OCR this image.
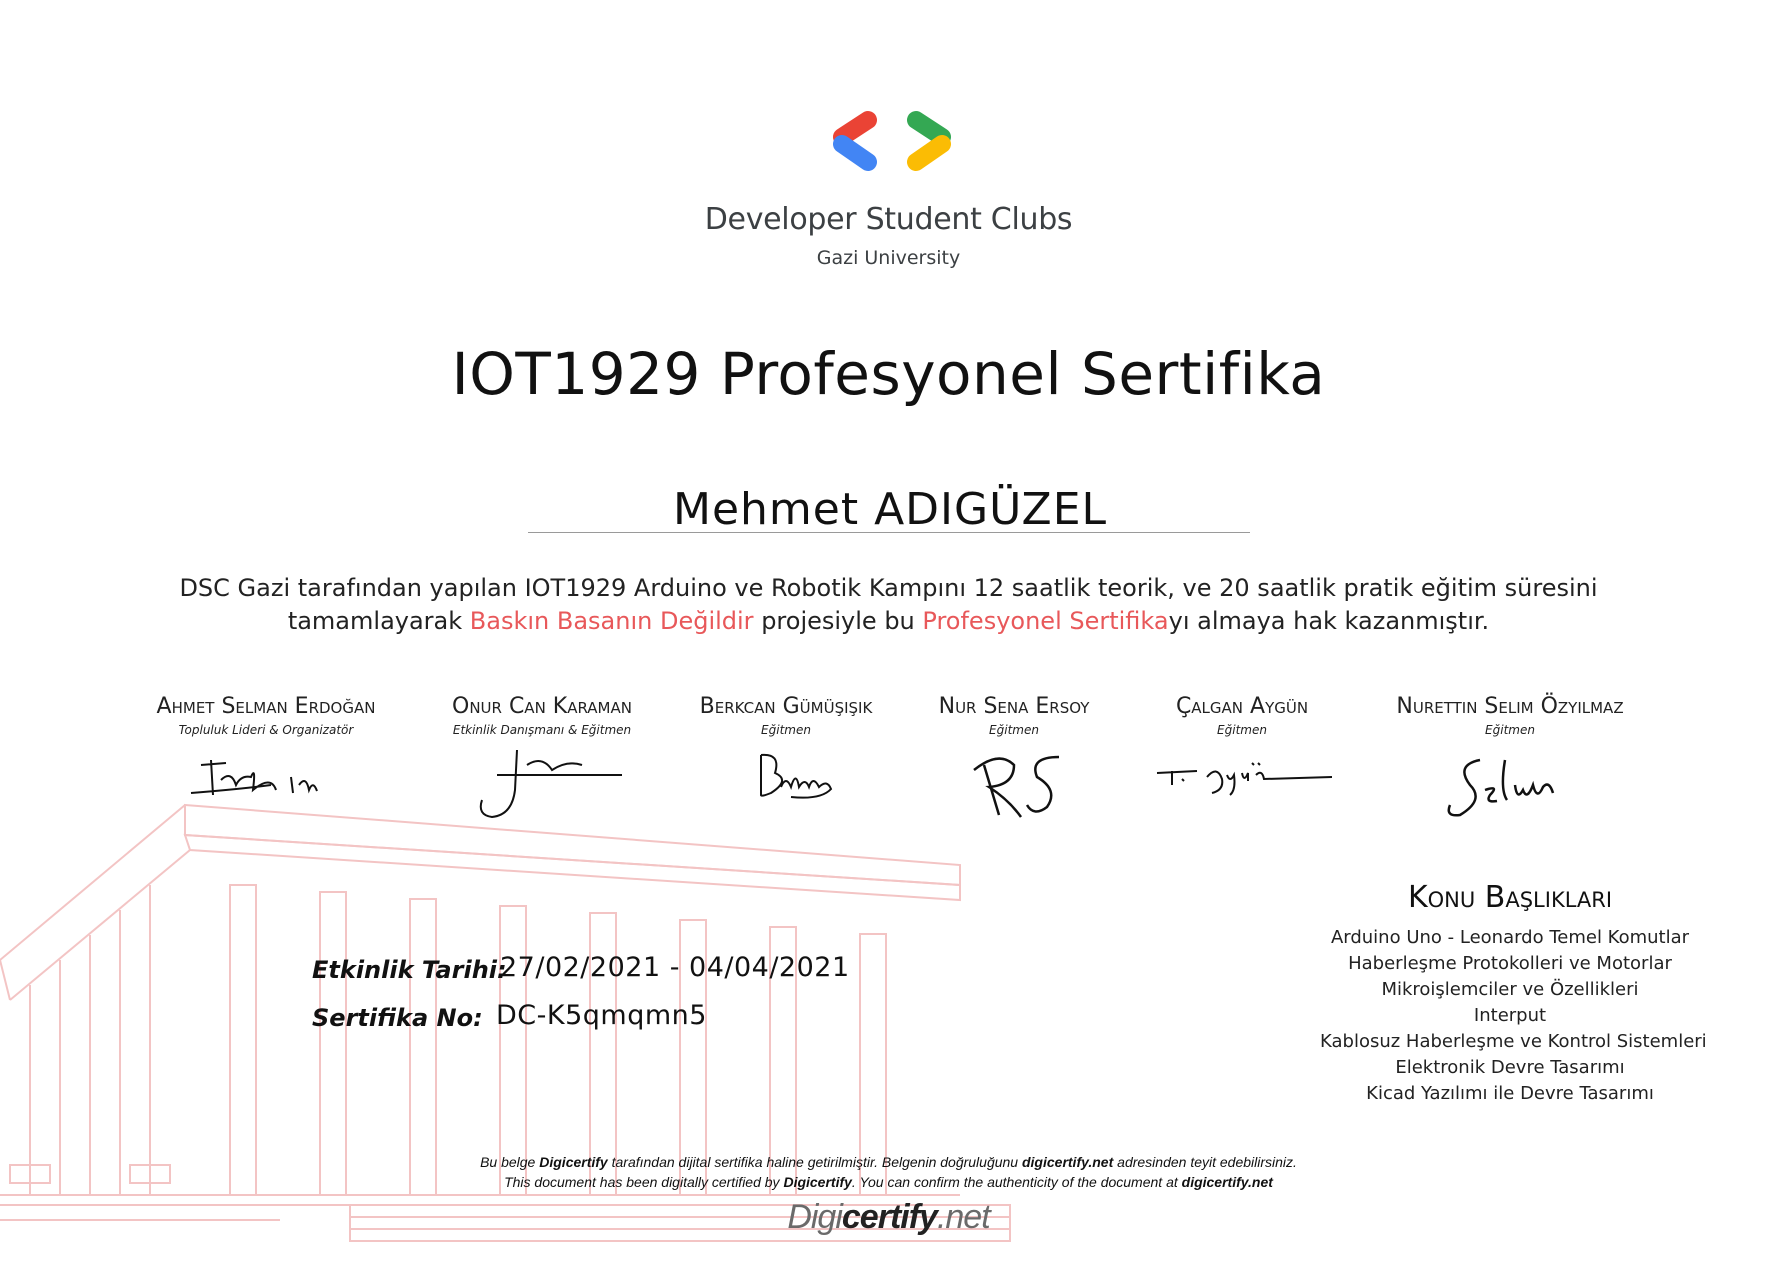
Developer Student Clubs
Gazi University
IOT1929 Profesyonel Sertifika
Mehmet ADIGÜZEL
DSC Gazi tarafından yapılan IOT1929 Arduino ve Robotik Kampını 12 saatlik teorik, ve 20 saatlik pratik eğitim süresini tamamlayarak Baskın Basanın Değildir projesiyle bu Profesyonel Sertifikayı almaya hak kazanmıştır.
Ahmet Selman Erdoğan
Topluluk Lideri & Organizatör
Onur Can Karaman
Etkinlik Danışmanı & Eğitmen
Berkcan Gümüşışık
Eğitmen
Nur Sena Ersoy
Eğitmen
Çalgan Aygün
Eğitmen
Nurettin Selim Özyılmaz
Eğitmen
Etkinlik Tarihi:
27/02/2021 - 04/04/2021
Sertifika No: DC-K5qmqmn5
Konu Başlıkları
Arduino Uno - Leonardo Temel Komutlar
Haberleşme Protokolleri ve Motorlar
Mikroişlemciler ve Özellikleri
Interput
Kablosuz Haberleşme ve Kontrol Sistemleri
Elektronik Devre Tasarımı
Kicad Yazılımı ile Devre Tasarımı
Bu belge Digicertify tarafından dijital sertifika haline getirilmiştir. Belgenin doğruluğunu digicertify.net adresinden teyit edebilirsiniz.
This document has been digitally certified by Digicertify. You can confirm the authenticity of the document at digicertify.net
Digicertify.net
